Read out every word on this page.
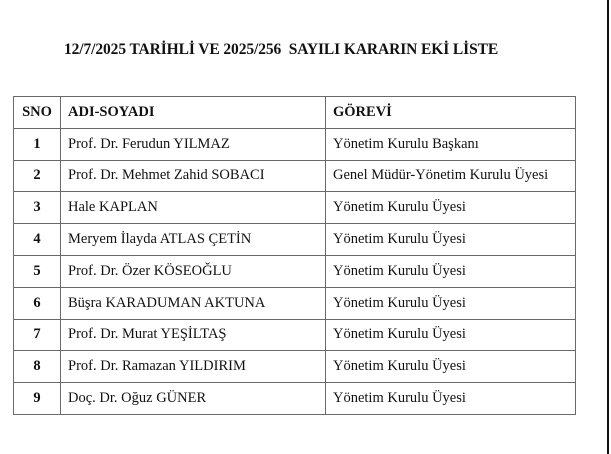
12/7/2025 TARİHLİ VE 2025/256  SAYILI KARARIN EKİ LİSTE
SNO	ADI-SOYADI	GÖREVİ
1	Prof. Dr. Ferudun YILMAZ	Yönetim Kurulu Başkanı
2	Prof. Dr. Mehmet Zahid SOBACI	Genel Müdür-Yönetim Kurulu Üyesi
3	Hale KAPLAN	Yönetim Kurulu Üyesi
4	Meryem İlayda ATLAS ÇETİN	Yönetim Kurulu Üyesi
5	Prof. Dr. Özer KÖSEOĞLU	Yönetim Kurulu Üyesi
6	Büşra KARADUMAN AKTUNA	Yönetim Kurulu Üyesi
7	Prof. Dr. Murat YEŞİLTAŞ	Yönetim Kurulu Üyesi
8	Prof. Dr. Ramazan YILDIRIM	Yönetim Kurulu Üyesi
9	Doç. Dr. Oğuz GÜNER	Yönetim Kurulu Üyesi
